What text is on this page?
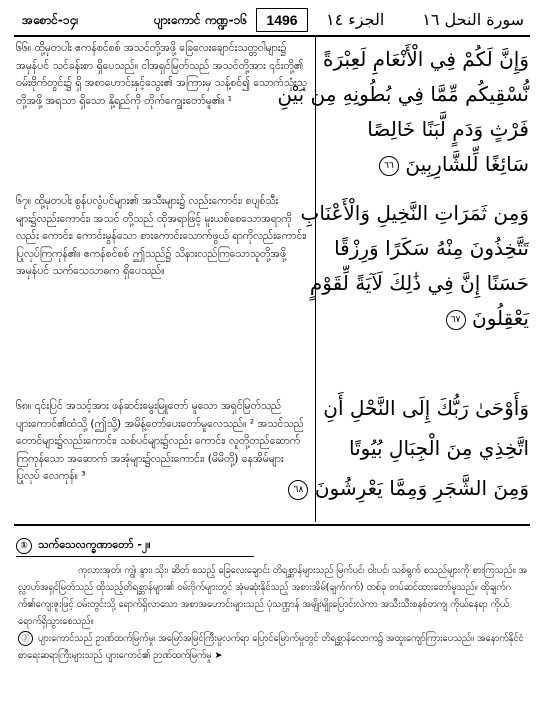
အစောင်-၁၄၊	ပျားကောင် ကဏ္ဍ-၁၆	1496	الجزء ١٤ سورة النحل ١٦

၆၆။ ထို့မှတပါး ဧကန်စင်စစ် အသင်တို့အဖို့ ခြေလေးချောင်းသတ္တဝါများ၌ အမှန်ပင် သင်ခန်းစာ ရှိပေသည်။ ငါအရှင်မြတ်သည် အသင်တို့အား ၎င်းတို့၏ ဝမ်းဗိုက်တွင်း၌ ရှိ အစာဟောင်းနှင့်သွေး၏ အကြားမှ သန့်စင်၍ သောက်သုံးသူတို့အဖို့ အရသာ ရှိသော နို့ရည်ကို တိုက်ကျွေးတော်မူ၏။ ¹

၆၇။ ထို့မှတပါး စွန်ပလွံပင်များ၏ အသီးများ၌ လည်းကောင်း၊ စပျစ်သီးများ၌လည်းကောင်း၊ အသင် တို့သည် ထိုအရာဖြင့် မူးယစ်စေသောအရာကိုလည်း ကောင်း၊ ကောင်းမွန်သော စားကောင်းသောက်ဖွယ် ရာကိုလည်းကောင်း၊ ပြုလုပ်ကြကုန်၏။ ဧကန်စင်စစ် ဤသည်၌ သိနားလည်ကြသောသူတို့အဖို့ အမှန်ပင် သက်သေသာဓက ရှိပေသည်။

၆၈။ ၎င်းပြင် အသင့်အား ဖန်ဆင်းမွေးမြူတော် မူသော အရှင်မြတ်သည် ပျားကောင်၏ထံသို့ (ဤသို့) အမိန့်တော်ပေးတော်မူလေသည်။ ² အသင်သည် တောင်များ၌လည်းကောင်း၊ သစ်ပင်များ၌လည်း ကောင်း၊ လူတို့တည်ဆောက်ကြကုန်သော အဆောက် အအုံများ၌လည်းကောင်း၊ (မိမိတို့) နေအိမ်များ ပြုလုပ် လေကုန်။ ³

وَإِنَّ لَكُمْ فِي الْأَنْعَامِ لَعِبْرَةً
نُّسْقِيكُم مِّمَّا فِي بُطُونِهِ مِن بَيْنِ
فَرْثٍ وَدَمٍ لَّبَنًا خَالِصًا
سَائِغًا لِّلشَّارِبِينَ ٦٦
وَمِن ثَمَرَاتِ النَّخِيلِ وَالْأَعْنَابِ
تَتَّخِذُونَ مِنْهُ سَكَرًا وَرِزْقًا
حَسَنًا إِنَّ فِي ذَٰلِكَ لَآيَةً لِّقَوْمٍ
يَعْقِلُونَ ٦٧
وَأَوْحَىٰ رَبُّكَ إِلَى النَّحْلِ أَنِ
اتَّخِذِي مِنَ الْجِبَالِ بُيُوتًا
وَمِنَ الشَّجَرِ وَمِمَّا يَعْرِشُونَ ٦٨
① သက်သေလက္ခဏာတော် -၂။

ကုလားအုတ်၊ ကျွဲ၊ နွား၊ သိုး၊ ဆိတ် စသည့် ခြေလေးချောင်း တိရစ္ဆာန်များသည် မြက်ပင်၊ ဝါးပင်၊ သစ်ရွက် စသည်များကို စားကြသည်။ အလ္လာဟ်အရှင်မြတ်သည် ထိုသည့်တိရစ္ဆာန်များ၏ ဝမ်းဗိုက်များတွင် အုံမဆုံးနိုင်သည့် အစားအိမ်(ချက်ဂက်) တစ်ခု တပ်ဆင်ထားတော်မူသည်။ ထိုချက်ဂက်၏ကျေးဇူးဖြင့် ဝမ်းတွင်းသို့ ရောက်ရှိလာသော အစာအဟောင်းများသည် ပုံသဏ္ဌာန် အမျိုးမျိုးပြောင်းလဲကာ အသီးသီးစနစ်တကျ ကိုယ်နေရာ ကိုယ် ရောက်ရှိသွားစေသည်။

Ⓙ ပျားကောင်သည် ဥာဏ်ထက်မြက်မှု၊ အမြော်အမြင်ကြီးမှုလက်ရာ ပြောင်မြောက်မှုတွင် တိရစ္ဆာန်လောက၌ အထူးကျော်ကြားပေသည်။ အနောက်နိုင်ငံ စာရေးဆရာကြီးများသည် ပျားကောင်၏ ဉာဏ်ထက်မြက်မှု ➤
